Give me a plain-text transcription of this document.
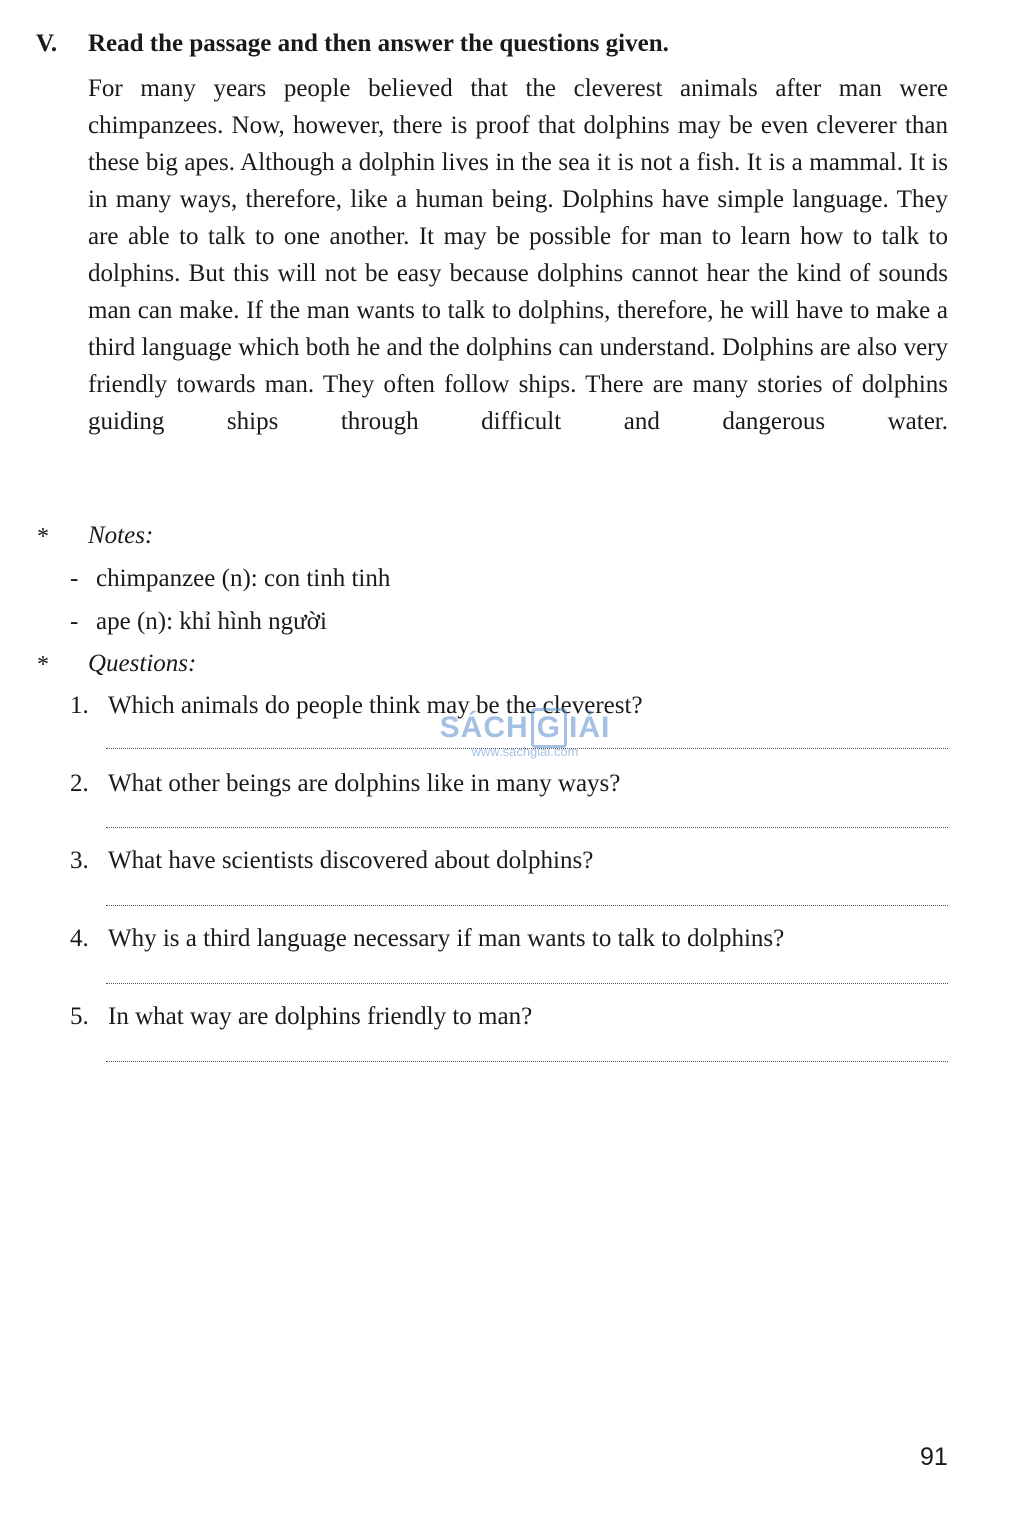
V. Read the passage and then answer the questions given.

For many years people believed that the cleverest animals after man were chimpanzees. Now, however, there is proof that dolphins may be even cleverer than these big apes. Although a dolphin lives in the sea it is not a fish. It is a mammal. It is in many ways, therefore, like a human being. Dolphins have simple language. They are able to talk to one another. It may be possible for man to learn how to talk to dolphins. But this will not be easy because dolphins cannot hear the kind of sounds man can make. If the man wants to talk to dolphins, therefore, he will have to make a third language which both he and the dolphins can understand. Dolphins are also very friendly towards man. They often follow ships. There are many stories of dolphins guiding ships through difficult and dangerous water.

* Notes:
- chimpanzee (n): con tinh tinh
- ape (n): khỉ hình người
* Questions:
1. Which animals do people think may be the cleverest?
2. What other beings are dolphins like in many ways?
3. What have scientists discovered about dolphins?
4. Why is a third language necessary if man wants to talk to dolphins?
5. In what way are dolphins friendly to man?
SÁCH G IẢI
www.sachgiai.com
91
